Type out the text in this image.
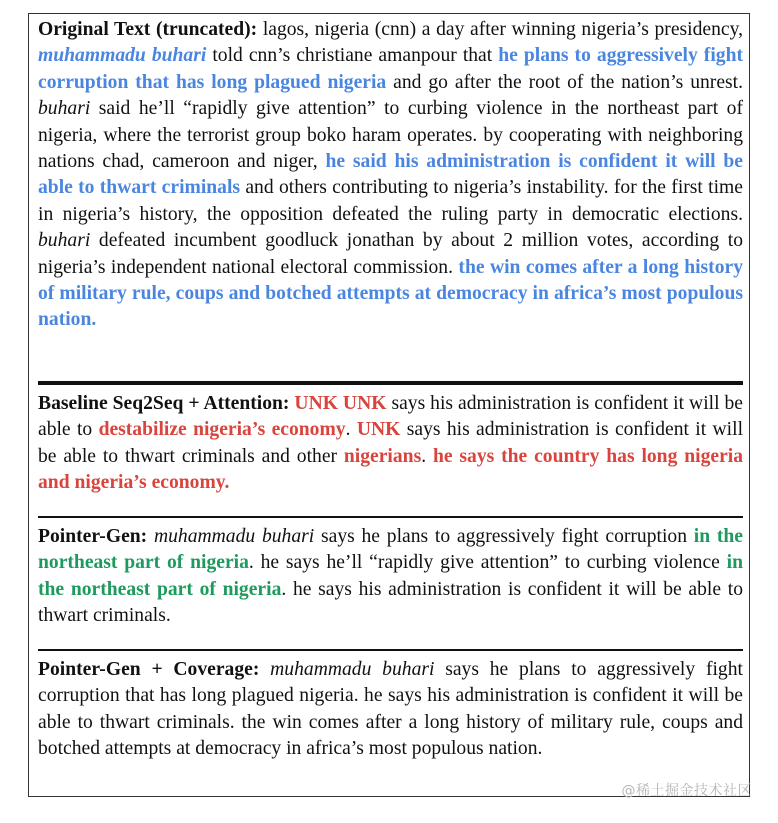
Original Text (truncated): lagos, nigeria (cnn) a day after winning nigeria’s presidency, muhammadu buhari told cnn’s christiane amanpour that he plans to aggressively fight corruption that has long plagued nigeria and go after the root of the nation’s unrest. buhari said he’ll “rapidly give attention” to curbing violence in the northeast part of nigeria, where the terrorist group boko haram operates. by cooperating with neighboring nations chad, cameroon and niger, he said his administration is confident it will be able to thwart criminals and others contributing to nigeria’s instability. for the first time in nigeria’s history, the opposition defeated the ruling party in democratic elections. buhari defeated incumbent goodluck jonathan by about 2 million votes, according to nigeria’s independent national electoral commission. the win comes after a long history of military rule, coups and botched attempts at democracy in africa’s most populous nation.

Baseline Seq2Seq + Attention: UNK UNK says his administration is confident it will be able to destabilize nigeria’s economy. UNK says his administration is confident it will be able to thwart criminals and other nigerians. he says the country has long nigeria and nigeria’s economy.

Pointer-Gen: muhammadu buhari says he plans to aggressively fight corruption in the northeast part of nigeria. he says he’ll “rapidly give attention” to curbing violence in the northeast part of nigeria. he says his administration is confident it will be able to thwart criminals.

Pointer-Gen + Coverage: muhammadu buhari says he plans to aggressively fight corruption that has long plagued nigeria. he says his administration is confident it will be able to thwart criminals. the win comes after a long history of military rule, coups and botched attempts at democracy in africa’s most populous nation.

@稀土掘金技术社区
